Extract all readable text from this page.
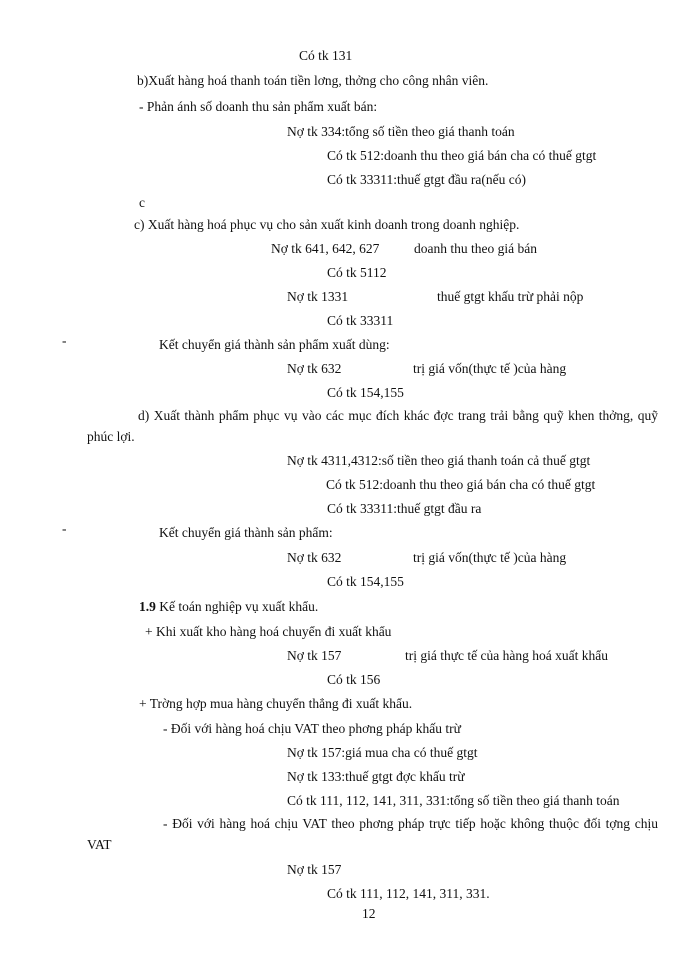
Có tk 131
b)Xuất hàng hoá thanh toán tiền lơng, thởng cho công nhân viên.
- Phản ánh số doanh thu sản phẩm xuất bán:
Nợ tk 334:tổng số tiền theo giá thanh toán
Có tk 512:doanh thu theo giá bán cha có thuế gtgt
Có tk 33311:thuế gtgt đầu ra(nếu có)
c
c) Xuất hàng hoá phục vụ cho sản xuất kinh doanh trong doanh nghiệp.
Nợ tk 641, 642, 627	doanh thu theo giá bán
Có tk 5112
Nợ tk 1331	thuế gtgt khấu trừ phải nộp
Có tk 33311
-	Kết chuyển giá thành sản phẩm xuất dùng:
Nợ tk 632	trị giá vốn(thực tế )của hàng
Có tk 154,155
d) Xuất thành phẩm phục vụ vào các mục đích khác đợc trang trải bằng quỹ khen thởng, quỹ phúc lợi.
Nợ tk 4311,4312:số tiền theo giá thanh toán cả thuế gtgt
Có tk 512:doanh thu theo giá bán cha có thuế gtgt
Có tk 33311:thuế gtgt đầu ra
-	Kết chuyển giá thành sản phẩm:
Nợ tk 632	trị giá vốn(thực tế )của hàng
Có tk 154,155
1.9 Kế toán nghiệp vụ xuất khẩu.
+ Khi xuất kho hàng hoá chuyển đi xuất khẩu
Nợ tk 157	trị giá thực tế của hàng hoá xuất khẩu
Có tk 156
+ Trờng hợp mua hàng chuyển thẳng đi xuất khẩu.
- Đối với hàng hoá chịu VAT theo phơng pháp khấu trừ
Nợ tk 157:giá mua cha có thuế gtgt
Nợ tk 133:thuế gtgt đợc khấu trừ
Có tk 111, 112, 141, 311, 331:tổng số tiền theo giá thanh toán
- Đối với hàng hoá chịu VAT theo phơng pháp trực tiếp hoặc không thuộc đối tợng chịu VAT
Nợ tk 157
Có tk 111, 112, 141, 311, 331.
12
